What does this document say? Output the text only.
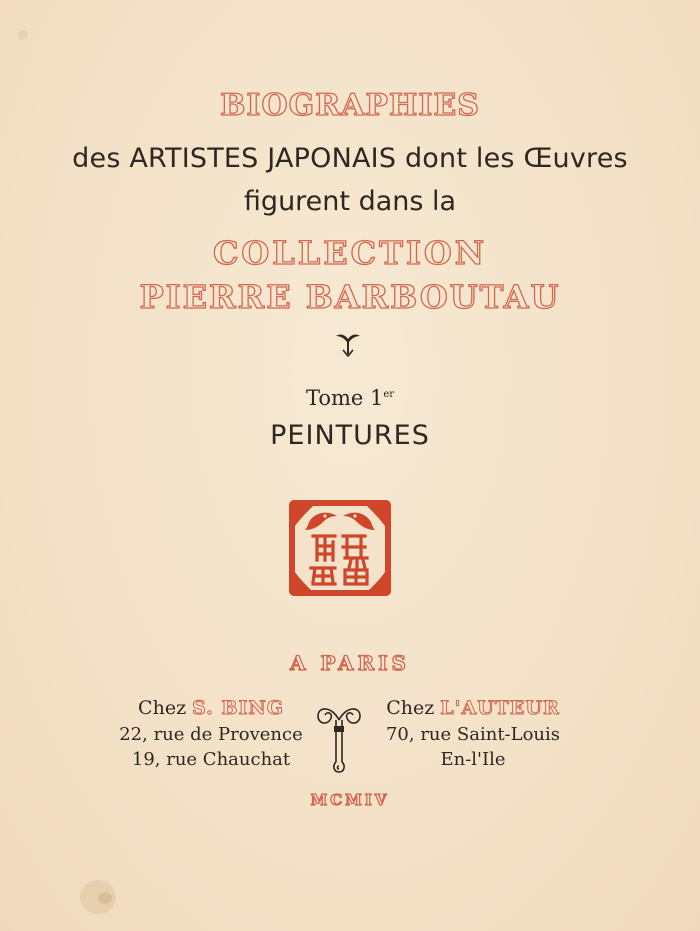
BIOGRAPHIES
des ARTISTES JAPONAIS dont les Œuvres
figurent dans la
COLLECTION
PIERRE BARBOUTAU
Tome 1er
PEINTURES
A PARIS
Chez S. BING
22, rue de Provence
19, rue Chauchat
Chez L'AUTEUR
70, rue Saint-Louis
En-l'Ile
MCMIV
